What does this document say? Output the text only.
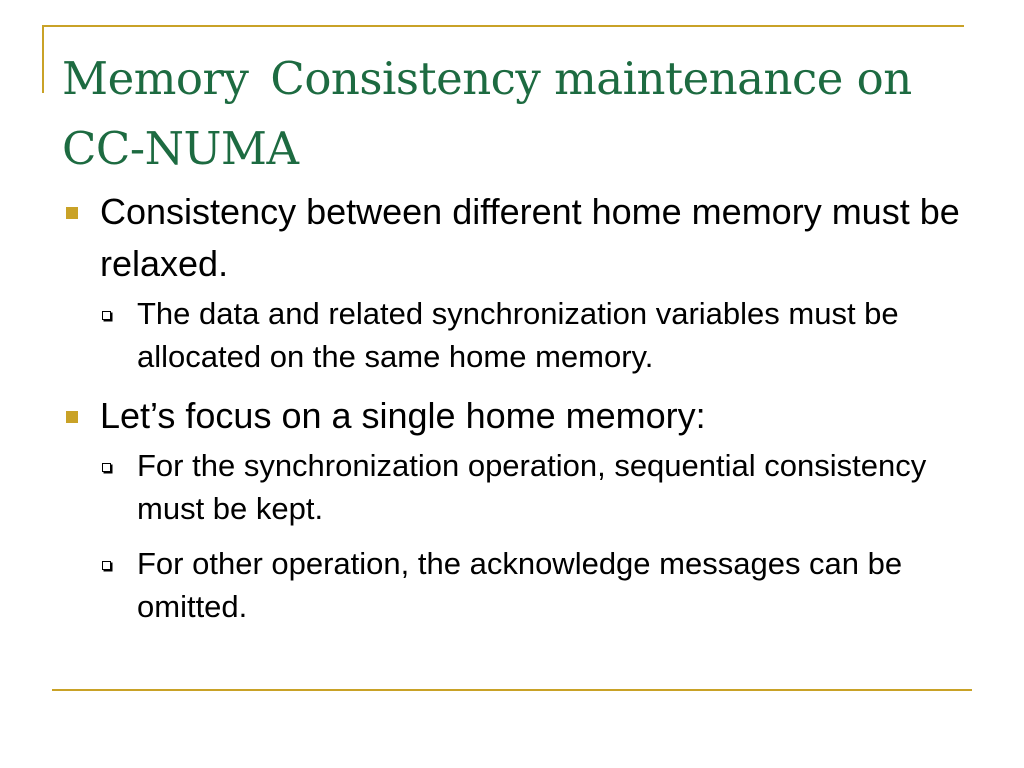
Memory Consistency maintenance on CC-NUMA
Consistency between different home memory must be relaxed.
The data and related synchronization variables must be allocated on the same home memory.
Let’s focus on a single home memory:
For the synchronization operation, sequential consistency must be kept.
For other operation, the acknowledge messages can be omitted.
